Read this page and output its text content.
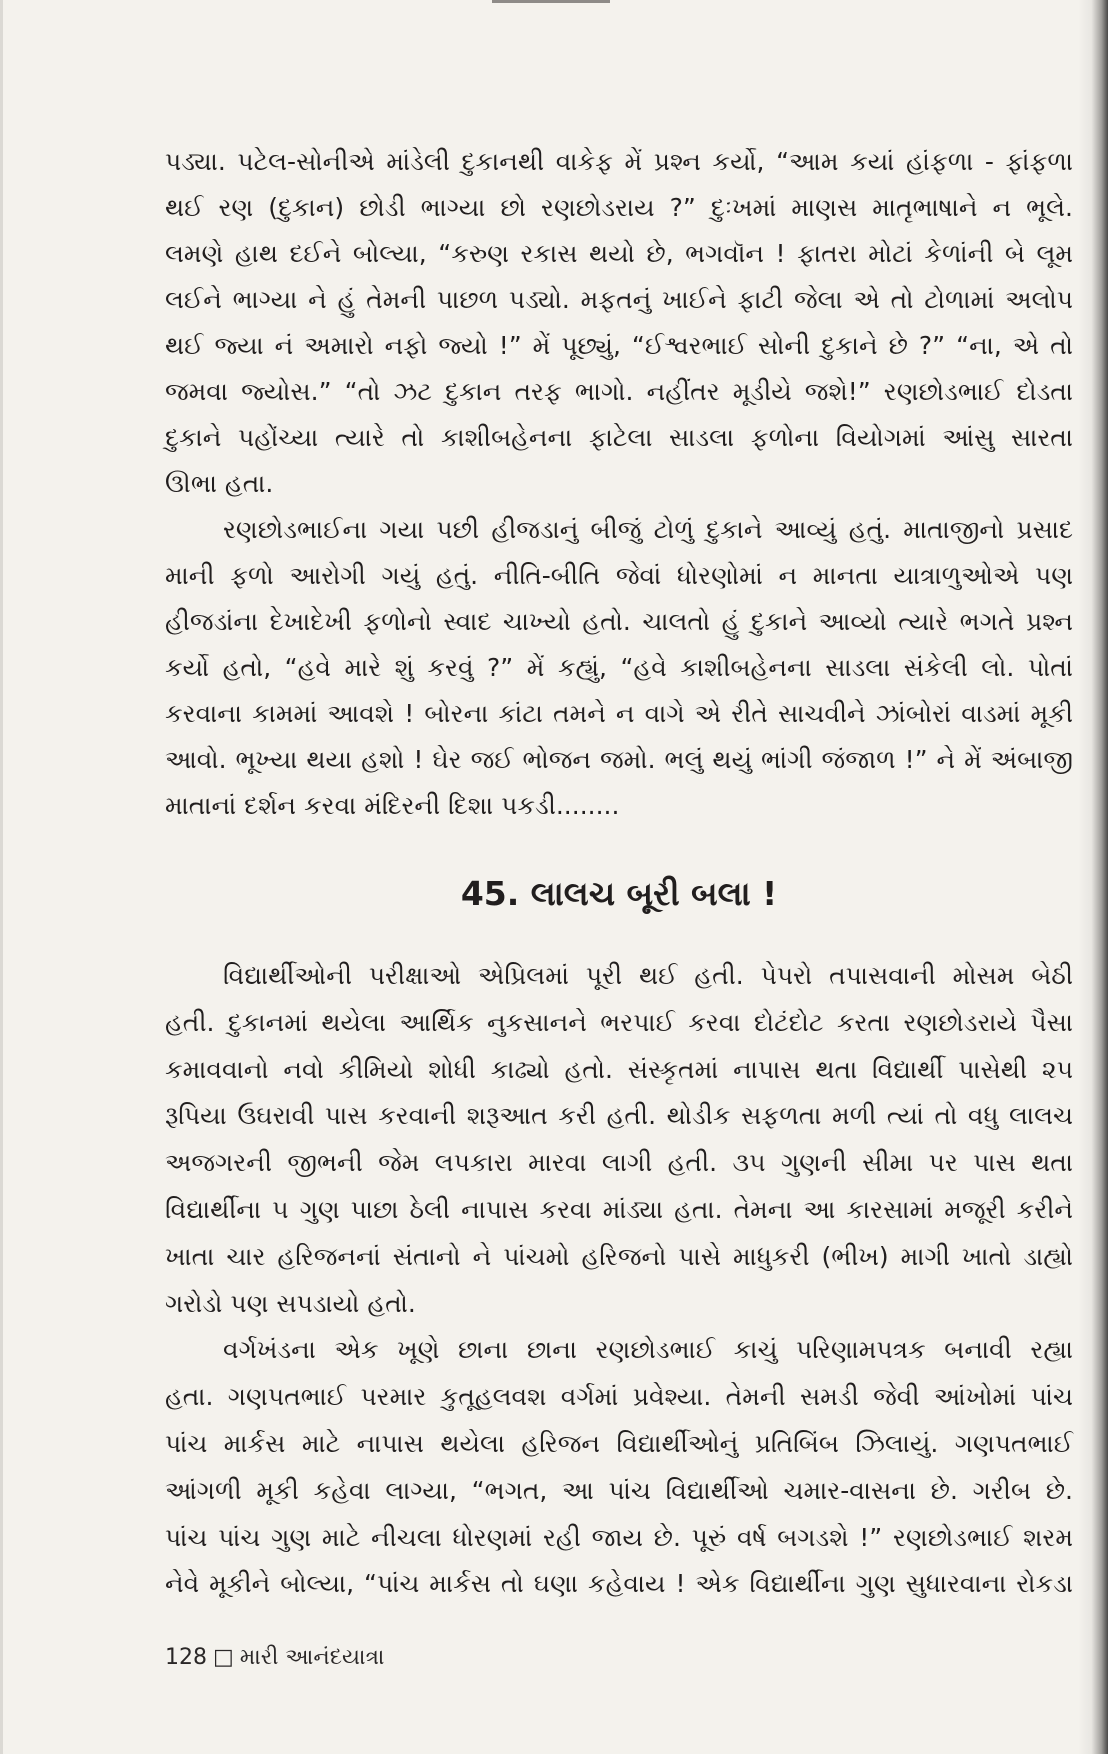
પડ્યા. પટેલ-સોનીએ માંડેલી દુકાનથી વાકેફ મેં પ્રશ્ન કર્યો, “આમ કયાં હાંફળા - ફાંફળા
થઈ રણ (દુકાન) છોડી ભાગ્યા છો રણછોડરાય ?” દુઃખમાં માણસ માતૃભાષાને ન ભૂલે.
લમણે હાથ દઈને બોલ્યા, “કરુણ રકાસ થયો છે, ભગવૉન ! ફાતરા મોટાં કેળાંની બે લૂમ
લઈને ભાગ્યા ને હું તેમની પાછળ પડ્યો. મફતનું ખાઈને ફાટી જેલા એ તો ટોળામાં અલોપ
થઈ જ્યા નં અમારો નફો જ્યો !” મેં પૂછ્યું, “ઈશ્વરભાઈ સોની દુકાને છે ?” “ના, એ તો
જમવા જ્યોસ.” “તો ઝટ દુકાન તરફ ભાગો. નહીંતર મૂડીયે જશે!” રણછોડભાઈ દોડતા
દુકાને પહોંચ્યા ત્યારે તો કાશીબહેનના ફાટેલા સાડલા ફળોના વિયોગમાં આંસુ સારતા
ઊભા હતા.
રણછોડભાઈના ગયા પછી હીજડાનું બીજું ટોળું દુકાને આવ્યું હતું. માતાજીનો પ્રસાદ
માની ફળો આરોગી ગયું હતું. નીતિ-બીતિ જેવાં ધોરણોમાં ન માનતા યાત્રાળુઓએ પણ
હીજડાંના દેખાદેખી ફળોનો સ્વાદ ચાખ્યો હતો. ચાલતો હું દુકાને આવ્યો ત્યારે ભગતે પ્રશ્ન
કર્યો હતો, “હવે મારે શું કરવું ?” મેં કહ્યું, “હવે કાશીબહેનના સાડલા સંકેલી લો. પોતાં
કરવાના કામમાં આવશે ! બોરના કાંટા તમને ન વાગે એ રીતે સાચવીને ઝાંબોરાં વાડમાં મૂકી
આવો. ભૂખ્યા થયા હશો ! ઘેર જઈ ભોજન જમો. ભલું થયું ભાંગી જંજાળ !” ને મેં અંબાજી
માતાનાં દર્શન કરવા મંદિરની દિશા પકડી........
45. લાલચ બૂરી બલા !
વિદ્યાર્થીઓની પરીક્ષાઓ એપ્રિલમાં પૂરી થઈ હતી. પેપરો તપાસવાની મોસમ બેઠી
હતી. દુકાનમાં થયેલા આર્થિક નુકસાનને ભરપાઈ કરવા દોટંદોટ કરતા રણછોડરાયે પૈસા
કમાવવાનો નવો કીમિયો શોધી કાઢ્યો હતો. સંસ્કૃતમાં નાપાસ થતા વિદ્યાર્થી પાસેથી ૨૫
રૂપિયા ઉઘરાવી પાસ કરવાની શરૂઆત કરી હતી. થોડીક સફળતા મળી ત્યાં તો વધુ લાલચ
અજગરની જીભની જેમ લપકારા મારવા લાગી હતી. ૩૫ ગુણની સીમા પર પાસ થતા
વિદ્યાર્થીના ૫ ગુણ પાછા ઠેલી નાપાસ કરવા માંડ્યા હતા. તેમના આ કારસામાં મજૂરી કરીને
ખાતા ચાર હરિજનનાં સંતાનો ને પાંચમો હરિજનો પાસે માધુકરી (ભીખ) માગી ખાતો ડાહ્યો
ગરોડો પણ સપડાયો હતો.
વર્ગખંડના એક ખૂણે છાના છાના રણછોડભાઈ કાચું પરિણામપત્રક બનાવી રહ્યા
હતા. ગણપતભાઈ પરમાર કુતૂહલવશ વર્ગમાં પ્રવેશ્યા. તેમની સમડી જેવી આંખોમાં પાંચ
પાંચ માર્કસ માટે નાપાસ થયેલા હરિજન વિદ્યાર્થીઓનું પ્રતિબિંબ ઝિલાયું. ગણપતભાઈ
આંગળી મૂકી કહેવા લાગ્યા, “ભગત, આ પાંચ વિદ્યાર્થીઓ ચમાર-વાસના છે. ગરીબ છે.
પાંચ પાંચ ગુણ માટે નીચલા ધોરણમાં રહી જાય છે. પૂરું વર્ષ બગડશે !” રણછોડભાઈ શરમ
નેવે મૂકીને બોલ્યા, “પાંચ માર્કસ તો ઘણા કહેવાય ! એક વિદ્યાર્થીના ગુણ સુધારવાના રોકડા
128 □ મારી આનંદયાત્રા
